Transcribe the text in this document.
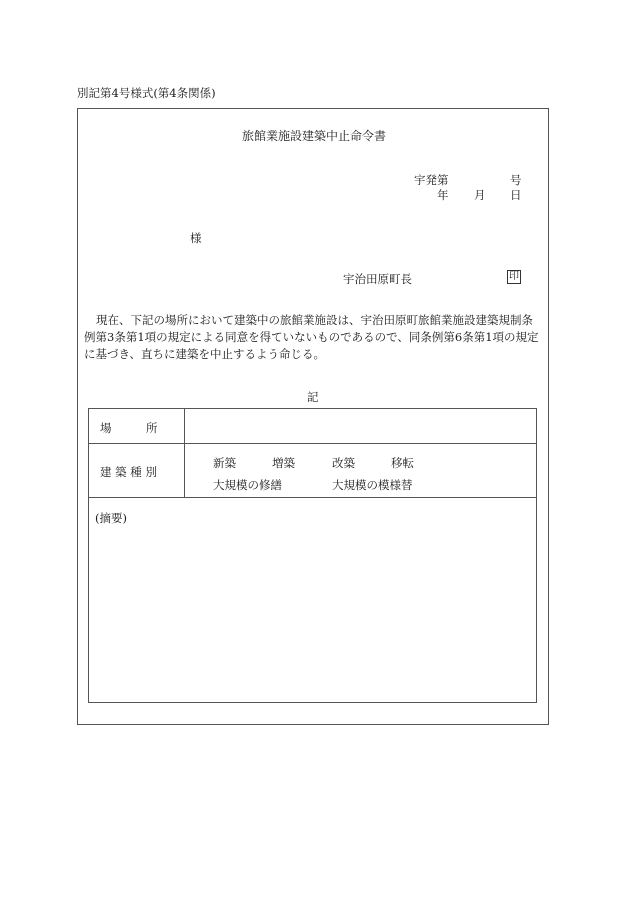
別記第4号様式(第4条関係)
旅館業施設建築中止命令書
宇発第	号
年 月 日
様
宇治田原町長	印
現在、下記の場所において建築中の旅館業施設は、宇治田原町旅館業施設建築規制条
例第3条第1項の規定による同意を得ていないものであるので、同条例第6条第1項の規定
に基づき、直ちに建築を中止するよう命じる。
記
場　　　所
建 築 種 別
新築	増築	改築	移転
大規模の修繕	大規模の模様替
(摘要)
